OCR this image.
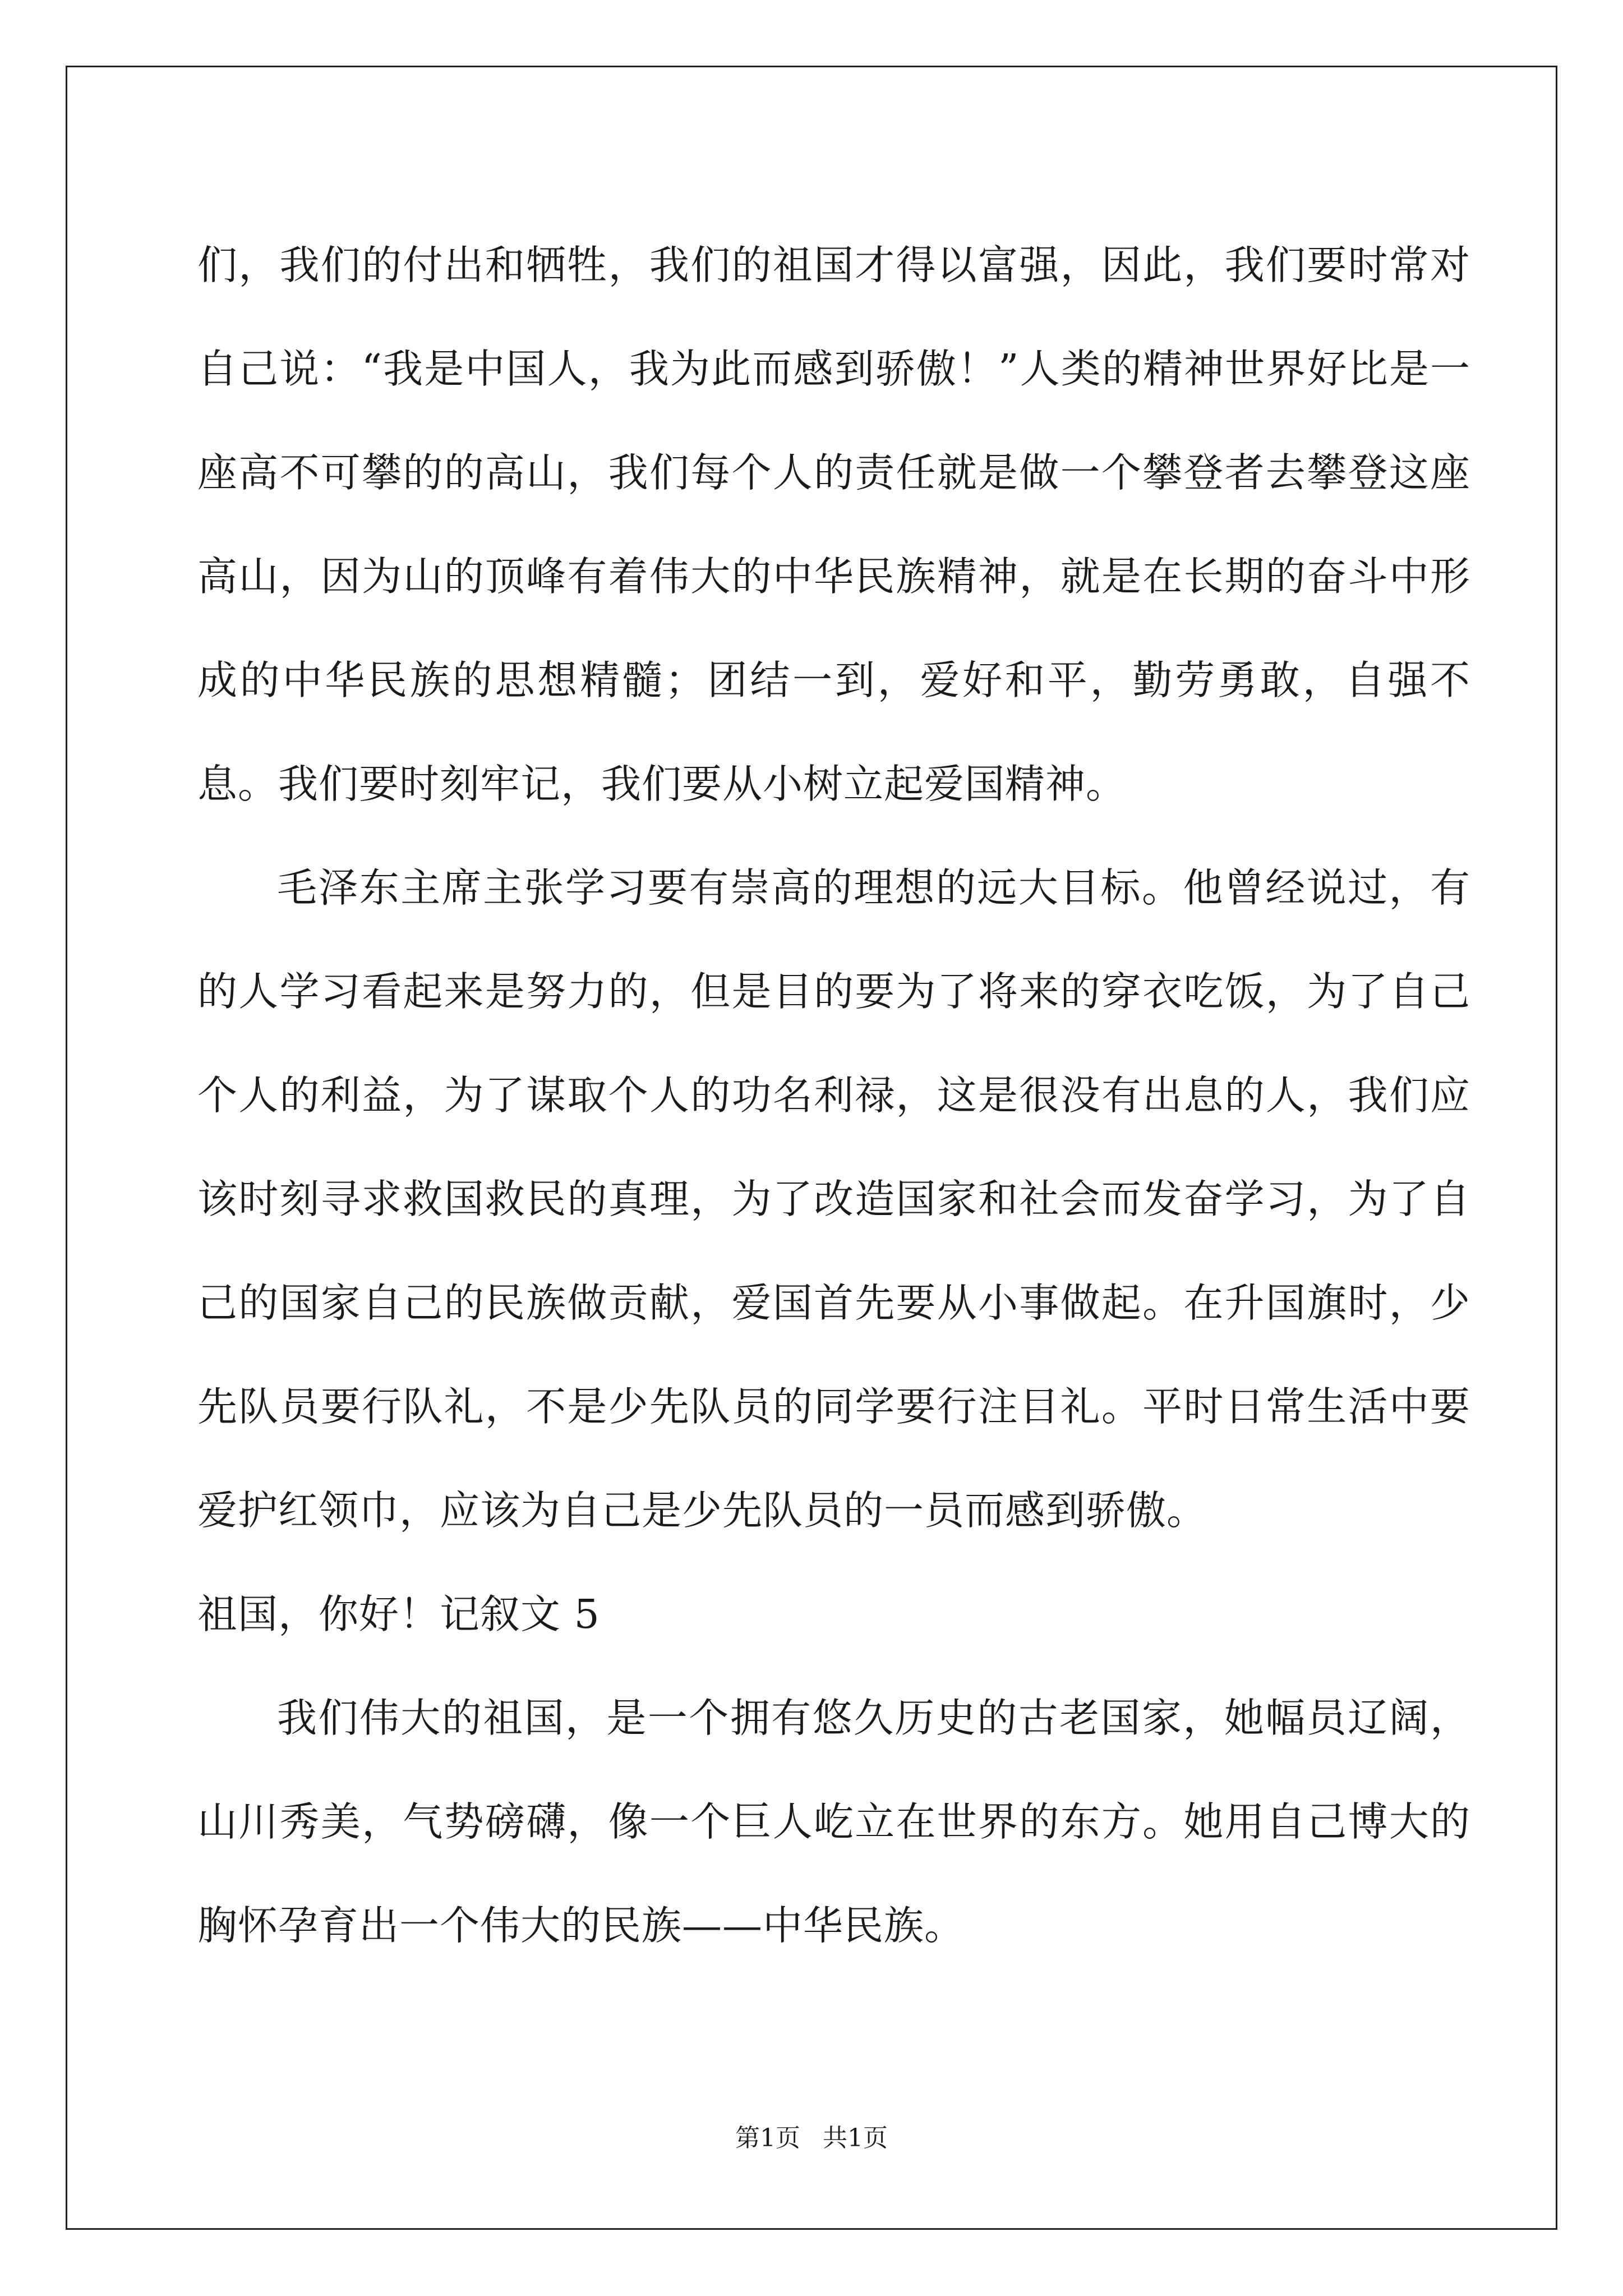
们，我们的付出和牺牲，我们的祖国才得以富强，因此，我们要时常对自己说：“我是中国人，我为此而感到骄傲！”人类的精神世界好比是一座高不可攀的的高山，我们每个人的责任就是做一个攀登者去攀登这座高山，因为山的顶峰有着伟大的中华民族精神，就是在长期的奋斗中形成的中华民族的思想精髓；团结一到，爱好和平，勤劳勇敢，自强不息。我们要时刻牢记，我们要从小树立起爱国精神。

毛泽东主席主张学习要有崇高的理想的远大目标。他曾经说过，有的人学习看起来是努力的，但是目的要为了将来的穿衣吃饭，为了自己个人的利益，为了谋取个人的功名利禄，这是很没有出息的人，我们应该时刻寻求救国救民的真理，为了改造国家和社会而发奋学习，为了自己的国家自己的民族做贡献，爱国首先要从小事做起。在升国旗时，少先队员要行队礼，不是少先队员的同学要行注目礼。平时日常生活中要爱护红领巾，应该为自己是少先队员的一员而感到骄傲。

祖国，你好！记叙文 5

我们伟大的祖国，是一个拥有悠久历史的古老国家，她幅员辽阔，山川秀美，气势磅礴，像一个巨人屹立在世界的东方。她用自己博大的胸怀孕育出一个伟大的民族——中华民族。

第1页 共1页
